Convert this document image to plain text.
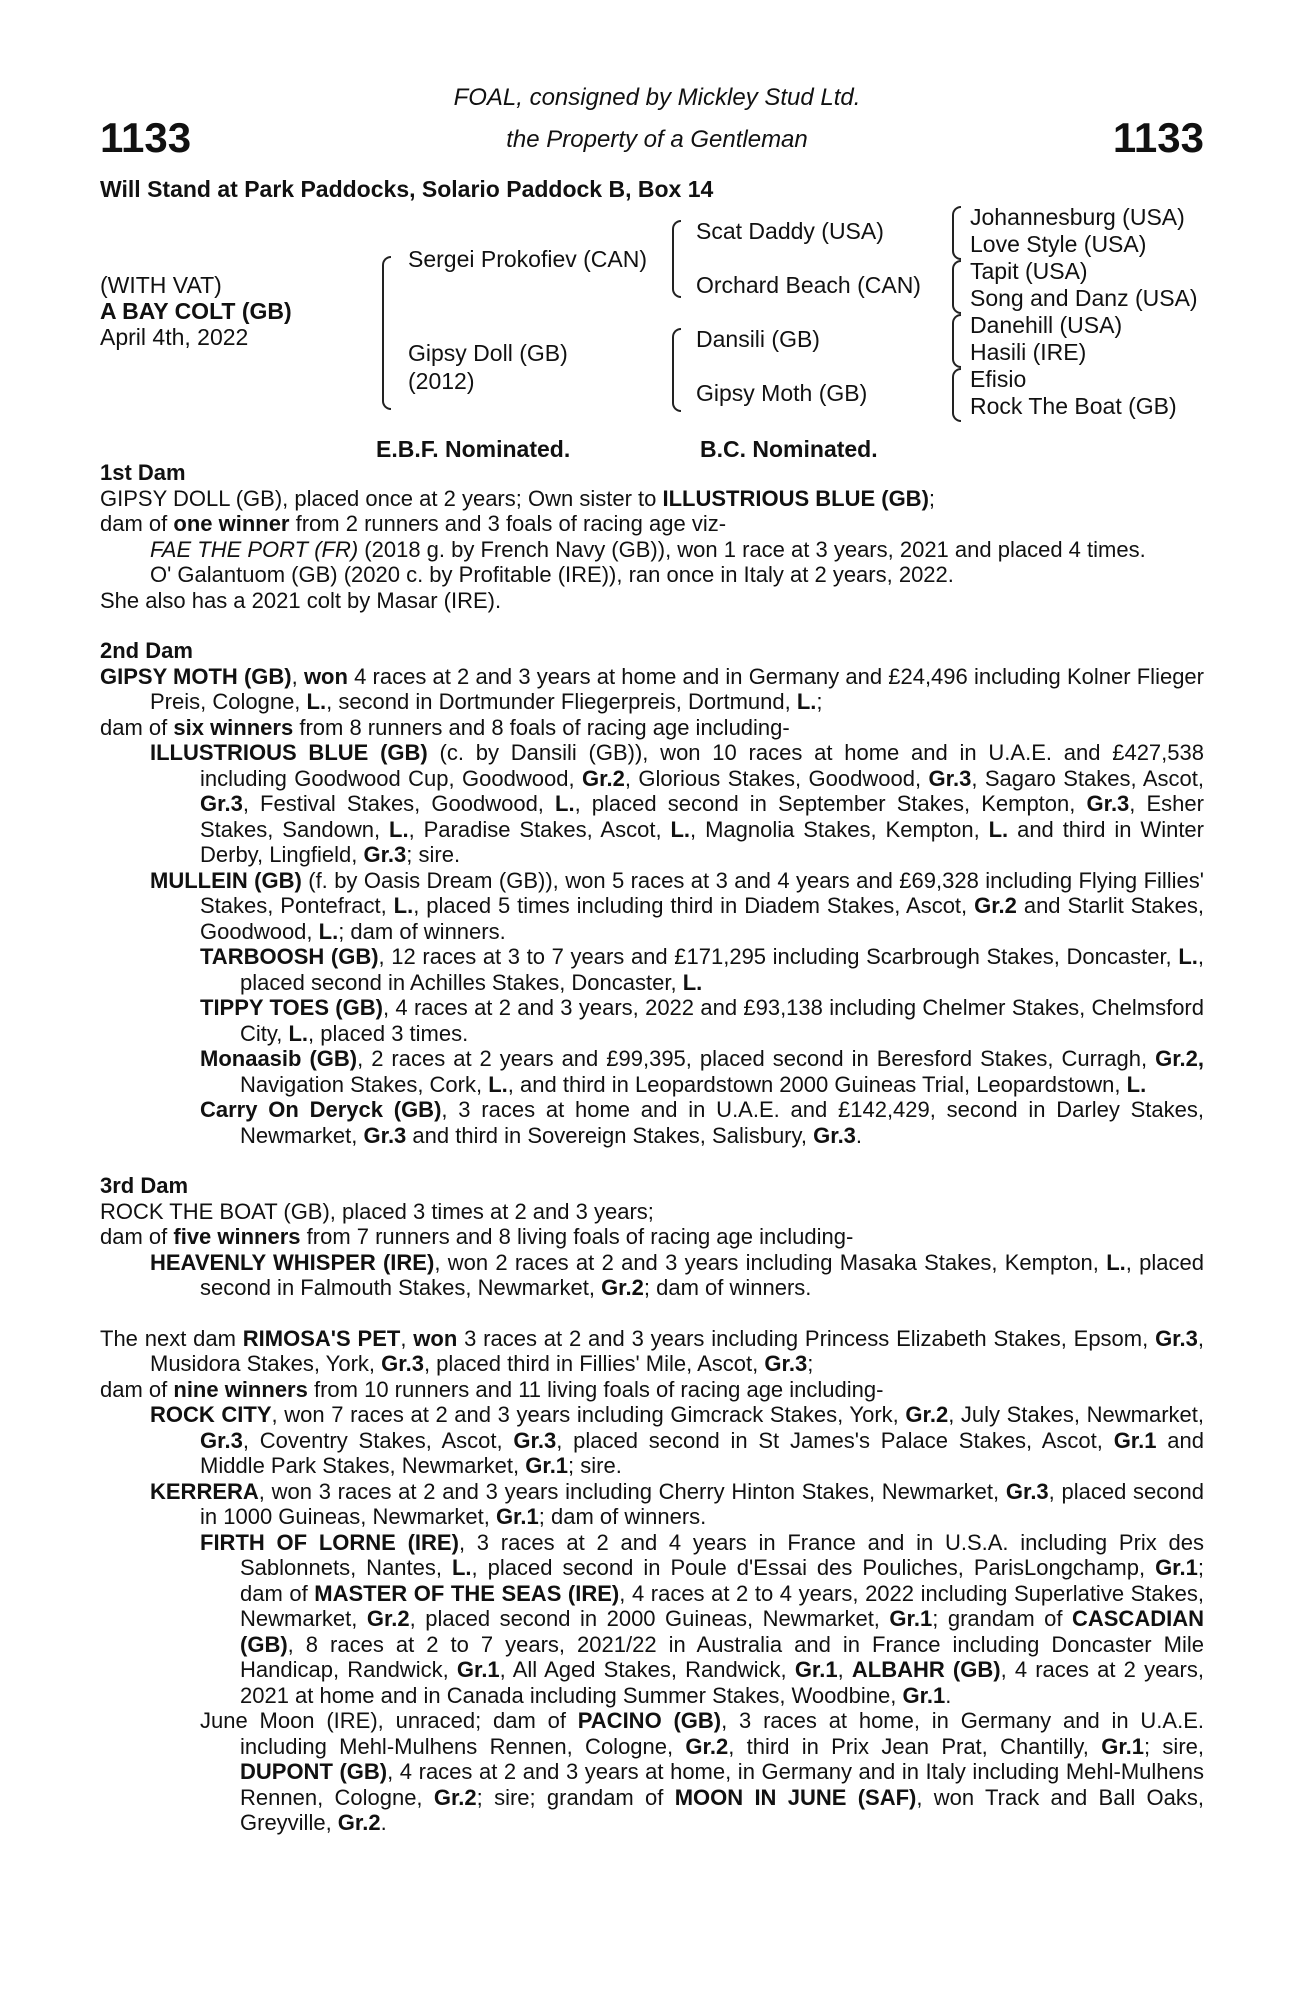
1133	1133
FOAL, consigned by Mickley Stud Ltd.
the Property of a Gentleman
Will Stand at Park Paddocks, Solario Paddock B, Box 14
(WITH VAT)
A BAY COLT (GB)
April 4th, 2022
Sergei Prokofiev (CAN)
Gipsy Doll (GB)
(2012)
Scat Daddy (USA)
Orchard Beach (CAN)
Dansili (GB)
Gipsy Moth (GB)
Johannesburg (USA)
Love Style (USA)
Tapit (USA)
Song and Danz (USA)
Danehill (USA)
Hasili (IRE)
Efisio
Rock The Boat (GB)
E.B.F. Nominated.	B.C. Nominated.
1st Dam
GIPSY DOLL (GB), placed once at 2 years; Own sister to ILLUSTRIOUS BLUE (GB);
dam of one winner from 2 runners and 3 foals of racing age viz-
FAE THE PORT (FR) (2018 g. by French Navy (GB)), won 1 race at 3 years, 2021 and placed 4 times.
O' Galantuom (GB) (2020 c. by Profitable (IRE)), ran once in Italy at 2 years, 2022.
She also has a 2021 colt by Masar (IRE).
2nd Dam
GIPSY MOTH (GB), won 4 races at 2 and 3 years at home and in Germany and £24,496 including Kolner Flieger Preis, Cologne, L., second in Dortmunder Fliegerpreis, Dortmund, L.;
dam of six winners from 8 runners and 8 foals of racing age including-
ILLUSTRIOUS BLUE (GB) (c. by Dansili (GB)), won 10 races at home and in U.A.E. and £427,538 including Goodwood Cup, Goodwood, Gr.2, Glorious Stakes, Goodwood, Gr.3, Sagaro Stakes, Ascot, Gr.3, Festival Stakes, Goodwood, L., placed second in September Stakes, Kempton, Gr.3, Esher Stakes, Sandown, L., Paradise Stakes, Ascot, L., Magnolia Stakes, Kempton, L. and third in Winter Derby, Lingfield, Gr.3; sire.
MULLEIN (GB) (f. by Oasis Dream (GB)), won 5 races at 3 and 4 years and £69,328 including Flying Fillies' Stakes, Pontefract, L., placed 5 times including third in Diadem Stakes, Ascot, Gr.2 and Starlit Stakes, Goodwood, L.; dam of winners.
TARBOOSH (GB), 12 races at 3 to 7 years and £171,295 including Scarbrough Stakes, Doncaster, L., placed second in Achilles Stakes, Doncaster, L.
TIPPY TOES (GB), 4 races at 2 and 3 years, 2022 and £93,138 including Chelmer Stakes, Chelmsford City, L., placed 3 times.
Monaasib (GB), 2 races at 2 years and £99,395, placed second in Beresford Stakes, Curragh, Gr.2, Navigation Stakes, Cork, L., and third in Leopardstown 2000 Guineas Trial, Leopardstown, L.
Carry On Deryck (GB), 3 races at home and in U.A.E. and £142,429, second in Darley Stakes, Newmarket, Gr.3 and third in Sovereign Stakes, Salisbury, Gr.3.
3rd Dam
ROCK THE BOAT (GB), placed 3 times at 2 and 3 years;
dam of five winners from 7 runners and 8 living foals of racing age including-
HEAVENLY WHISPER (IRE), won 2 races at 2 and 3 years including Masaka Stakes, Kempton, L., placed second in Falmouth Stakes, Newmarket, Gr.2; dam of winners.
The next dam RIMOSA'S PET, won 3 races at 2 and 3 years including Princess Elizabeth Stakes, Epsom, Gr.3, Musidora Stakes, York, Gr.3, placed third in Fillies' Mile, Ascot, Gr.3;
dam of nine winners from 10 runners and 11 living foals of racing age including-
ROCK CITY, won 7 races at 2 and 3 years including Gimcrack Stakes, York, Gr.2, July Stakes, Newmarket, Gr.3, Coventry Stakes, Ascot, Gr.3, placed second in St James's Palace Stakes, Ascot, Gr.1 and Middle Park Stakes, Newmarket, Gr.1; sire.
KERRERA, won 3 races at 2 and 3 years including Cherry Hinton Stakes, Newmarket, Gr.3, placed second in 1000 Guineas, Newmarket, Gr.1; dam of winners.
FIRTH OF LORNE (IRE), 3 races at 2 and 4 years in France and in U.S.A. including Prix des Sablonnets, Nantes, L., placed second in Poule d'Essai des Pouliches, ParisLongchamp, Gr.1; dam of MASTER OF THE SEAS (IRE), 4 races at 2 to 4 years, 2022 including Superlative Stakes, Newmarket, Gr.2, placed second in 2000 Guineas, Newmarket, Gr.1; grandam of CASCADIAN (GB), 8 races at 2 to 7 years, 2021/22 in Australia and in France including Doncaster Mile Handicap, Randwick, Gr.1, All Aged Stakes, Randwick, Gr.1, ALBAHR (GB), 4 races at 2 years, 2021 at home and in Canada including Summer Stakes, Woodbine, Gr.1.
June Moon (IRE), unraced; dam of PACINO (GB), 3 races at home, in Germany and in U.A.E. including Mehl-Mulhens Rennen, Cologne, Gr.2, third in Prix Jean Prat, Chantilly, Gr.1; sire, DUPONT (GB), 4 races at 2 and 3 years at home, in Germany and in Italy including Mehl-Mulhens Rennen, Cologne, Gr.2; sire; grandam of MOON IN JUNE (SAF), won Track and Ball Oaks, Greyville, Gr.2.
